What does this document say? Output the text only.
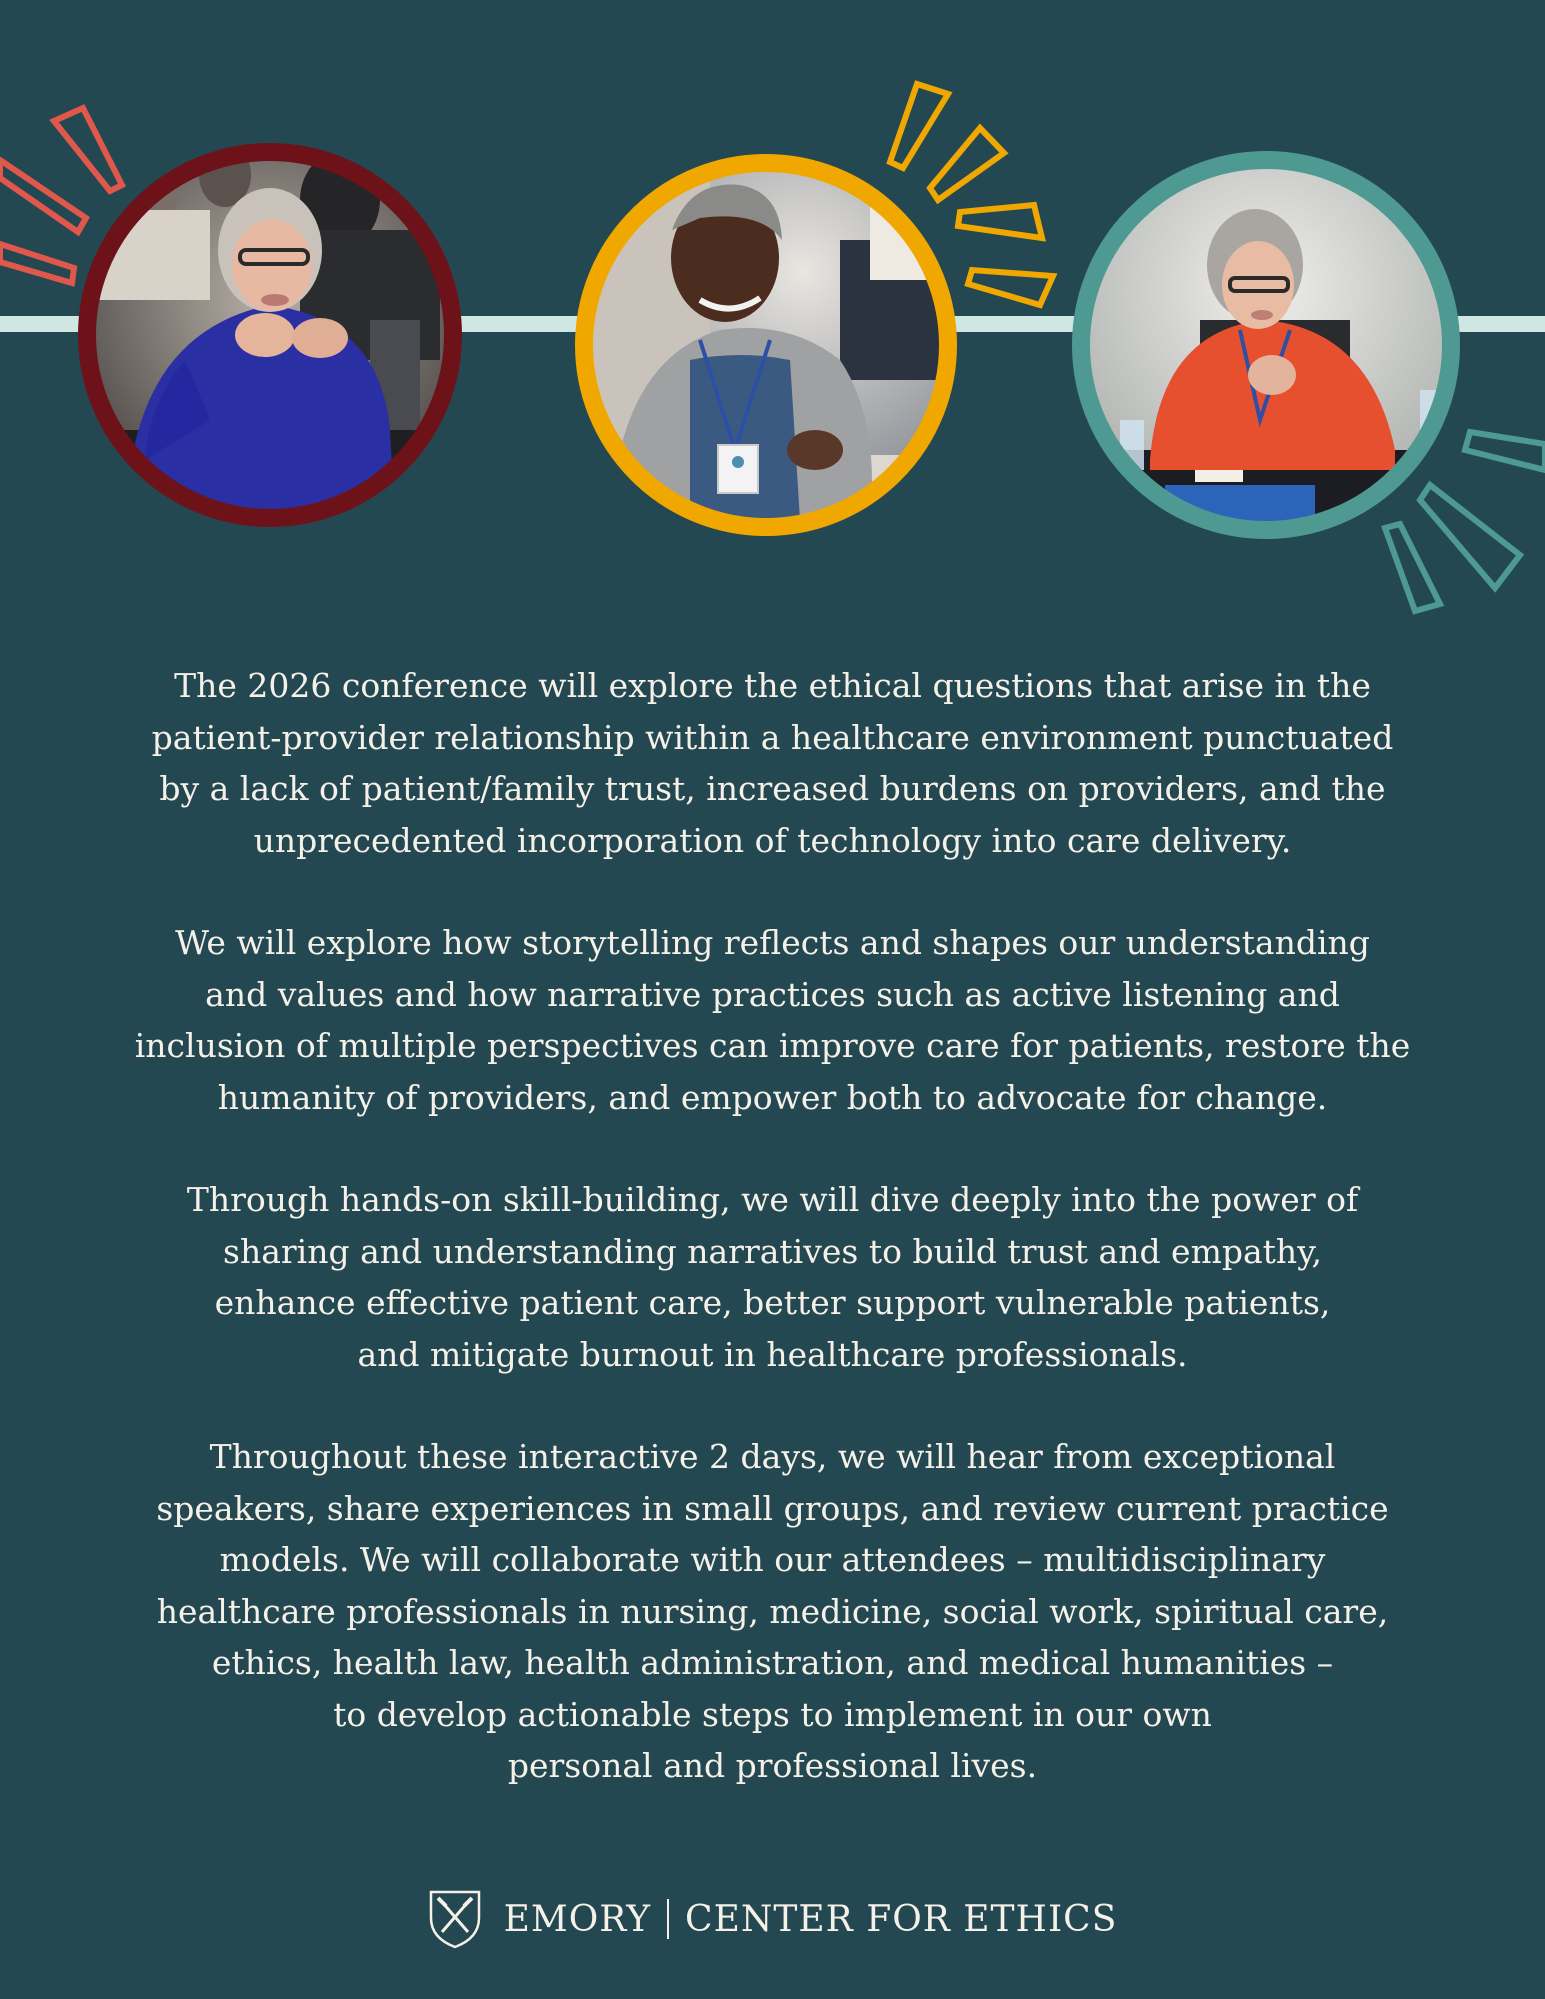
The 2026 conference will explore the ethical questions that arise in the
patient-provider relationship within a healthcare environment punctuated
by a lack of patient/family trust, increased burdens on providers, and the
unprecedented incorporation of technology into care delivery.

We will explore how storytelling reflects and shapes our understanding
and values and how narrative practices such as active listening and
inclusion of multiple perspectives can improve care for patients, restore the
humanity of providers, and empower both to advocate for change.

Through hands-on skill-building, we will dive deeply into the power of
sharing and understanding narratives to build trust and empathy,
enhance effective patient care, better support vulnerable patients,
and mitigate burnout in healthcare professionals.

Throughout these interactive 2 days, we will hear from exceptional
speakers, share experiences in small groups, and review current practice
models. We will collaborate with our attendees – multidisciplinary
healthcare professionals in nursing, medicine, social work, spiritual care,
ethics, health law, health administration, and medical humanities –
to develop actionable steps to implement in our own
personal and professional lives.

EMORY CENTER FOR ETHICS
